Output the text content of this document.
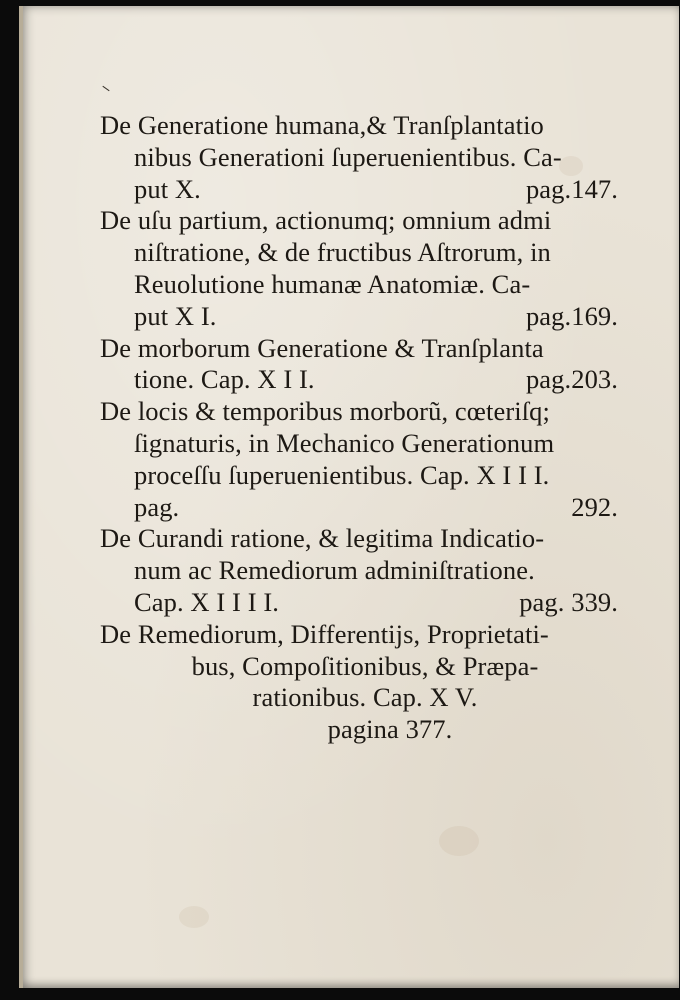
De Generatione humana,& Tranſplantatio
nibus Generationi ſuperuenientibus. Ca-
put X.	pag.147.
De uſu partium, actionumq; omnium admi
niſtratione, & de fructibus Aſtrorum, in
Reuolutione humanæ Anatomiæ. Ca-
put X I.	pag.169.
De morborum Generatione & Tranſplanta
tione. Cap. X I I.	pag.203.
De locis & temporibus morborũ, cœteriſq;
ſignaturis, in Mechanico Generationum
proceſſu ſuperuenientibus. Cap. X I I I.
pag.	292.
De Curandi ratione, & legitima Indicatio-
num ac Remediorum adminiſtratione.
Cap. X I I I I.	pag. 339.
De Remediorum, Differentijs, Proprietati-
bus, Compoſitionibus, & Præpa-
rationibus. Cap. X V.
pagina 377.
